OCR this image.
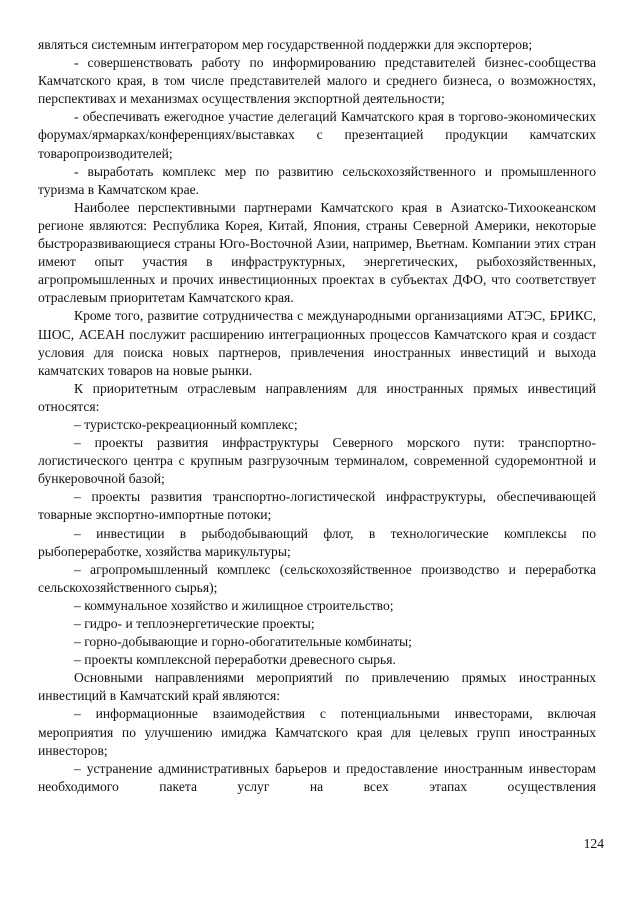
являться системным интегратором мер государственной поддержки для экспортеров;

- совершенствовать работу по информированию представителей бизнес-сообщества Камчатского края, в том числе представителей малого и среднего бизнеса, о возможностях, перспективах и механизмах осуществления экспортной деятельности;

- обеспечивать ежегодное участие делегаций Камчатского края в торгово-экономических форумах/ярмарках/конференциях/выставках с презентацией продукции камчатских товаропроизводителей;

- выработать комплекс мер по развитию сельскохозяйственного и промышленного туризма в Камчатском крае.

Наиболее перспективными партнерами Камчатского края в Азиатско-Тихоокеанском регионе являются: Республика Корея, Китай, Япония, страны Северной Америки, некоторые быстроразвивающиеся страны Юго-Восточной Азии, например, Вьетнам. Компании этих стран имеют опыт участия в инфраструктурных, энергетических, рыбохозяйственных, агропромышленных и прочих инвестиционных проектах в субъектах ДФО, что соответствует отраслевым приоритетам Камчатского края.

Кроме того, развитие сотрудничества с международными организациями АТЭС, БРИКС, ШОС, АСЕАН послужит расширению интеграционных процессов Камчатского края и создаст условия для поиска новых партнеров, привлечения иностранных инвестиций и выхода камчатских товаров на новые рынки.

К приоритетным отраслевым направлениям для иностранных прямых инвестиций относятся:

– туристско-рекреационный комплекс;

– проекты развития инфраструктуры Северного морского пути: транспортно-логистического центра с крупным разгрузочным терминалом, современной судоремонтной и бункеровочной базой;

– проекты развития транспортно-логистической инфраструктуры, обеспечивающей товарные экспортно-импортные потоки;

– инвестиции в рыбодобывающий флот, в технологические комплексы по рыбопереработке, хозяйства марикультуры;

– агропромышленный комплекс (сельскохозяйственное производство и переработка сельскохозяйственного сырья);

– коммунальное хозяйство и жилищное строительство;

– гидро- и теплоэнергетические проекты;

– горно-добывающие и горно-обогатительные комбинаты;

– проекты комплексной переработки древесного сырья.

Основными направлениями мероприятий по привлечению прямых иностранных инвестиций в Камчатский край являются:

– информационные взаимодействия с потенциальными инвесторами, включая мероприятия по улучшению имиджа Камчатского края для целевых групп иностранных инвесторов;

– устранение административных барьеров и предоставление иностранным инвесторам необходимого пакета услуг на всех этапах осуществления

124
